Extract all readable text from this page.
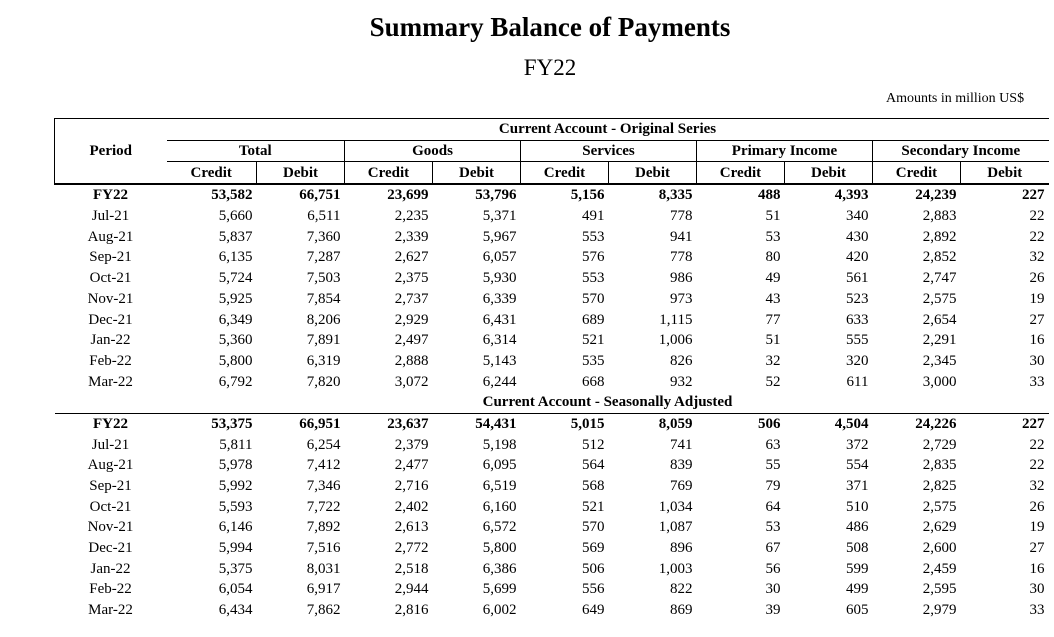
Summary Balance of Payments
FY22
Amounts in million US$
Period	Current Account - Original Series									
	Total		Goods		Services		Primary Income		Secondary Income	
	Credit	Debit	Credit	Debit	Credit	Debit	Credit	Debit	Credit	Debit
FY22	53,582	66,751	23,699	53,796	5,156	8,335	488	4,393	24,239	227
Jul-21	5,660	6,511	2,235	5,371	491	778	51	340	2,883	22
Aug-21	5,837	7,360	2,339	5,967	553	941	53	430	2,892	22
Sep-21	6,135	7,287	2,627	6,057	576	778	80	420	2,852	32
Oct-21	5,724	7,503	2,375	5,930	553	986	49	561	2,747	26
Nov-21	5,925	7,854	2,737	6,339	570	973	43	523	2,575	19
Dec-21	6,349	8,206	2,929	6,431	689	1,115	77	633	2,654	27
Jan-22	5,360	7,891	2,497	6,314	521	1,006	51	555	2,291	16
Feb-22	5,800	6,319	2,888	5,143	535	826	32	320	2,345	30
Mar-22	6,792	7,820	3,072	6,244	668	932	52	611	3,000	33
	Current Account - Seasonally Adjusted									
FY22	53,375	66,951	23,637	54,431	5,015	8,059	506	4,504	24,226	227
Jul-21	5,811	6,254	2,379	5,198	512	741	63	372	2,729	22
Aug-21	5,978	7,412	2,477	6,095	564	839	55	554	2,835	22
Sep-21	5,992	7,346	2,716	6,519	568	769	79	371	2,825	32
Oct-21	5,593	7,722	2,402	6,160	521	1,034	64	510	2,575	26
Nov-21	6,146	7,892	2,613	6,572	570	1,087	53	486	2,629	19
Dec-21	5,994	7,516	2,772	5,800	569	896	67	508	2,600	27
Jan-22	5,375	8,031	2,518	6,386	506	1,003	56	599	2,459	16
Feb-22	6,054	6,917	2,944	5,699	556	822	30	499	2,595	30
Mar-22	6,434	7,862	2,816	6,002	649	869	39	605	2,979	33
